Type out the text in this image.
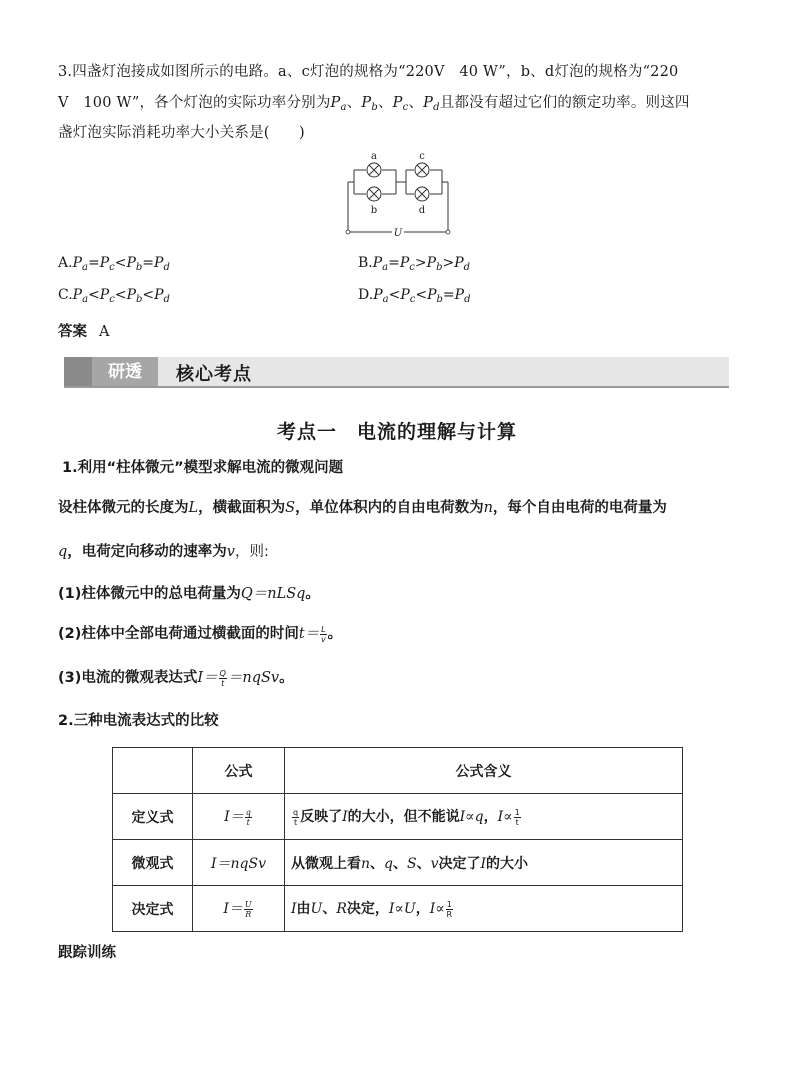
3.四盏灯泡接成如图所示的电路。a、c灯泡的规格为“220V　40 W”，b、d灯泡的规格为“220
V　100 W”，各个灯泡的实际功率分别为$P_a$、$P_b$、$P_c$、$P_d$且都没有超过它们的额定功率。则这四
盏灯泡实际消耗功率大小关系是(　　)
a
b
c
d
U
$A.P_a=P_c<P_b=P_d$	$B.P_a=P_c>P_b>P_d$
$C.P_a<P_c<P_b<P_d$	$D.P_a<P_c<P_b=P_d$
答案 A
研透	核心考点
考点一　电流的理解与计算
1.利用“柱体微元”模型求解电流的微观问题
设柱体微元的长度为L，横截面积为S，单位体积内的自由电荷数为n，每个自由电荷的电荷量为
q，电荷定向移动的速率为v，则:
(1)柱体微元中的总电荷量为Q＝nLSq。
(2)柱体中全部电荷通过横截面的时间$t= \frac{L}{v}$ 。
(3)电流的微观表达式$I= \frac{Q}{t}$ ＝nqSv。
2.三种电流表达式的比较
	公式	公式含义
定义式	$I= \frac{q}{t}$	$\frac{q}{t}$ 反映了I的大小，但不能说I∝q，$I\propto \frac{1}{t}$

微观式	I＝nqSv	从微观上看n、q、S、v决定了I的大小
决定式	$I= \frac{U}{R}$	I由U、R决定，I∝U，$I\propto \frac{1}{R}$
跟踪训练
